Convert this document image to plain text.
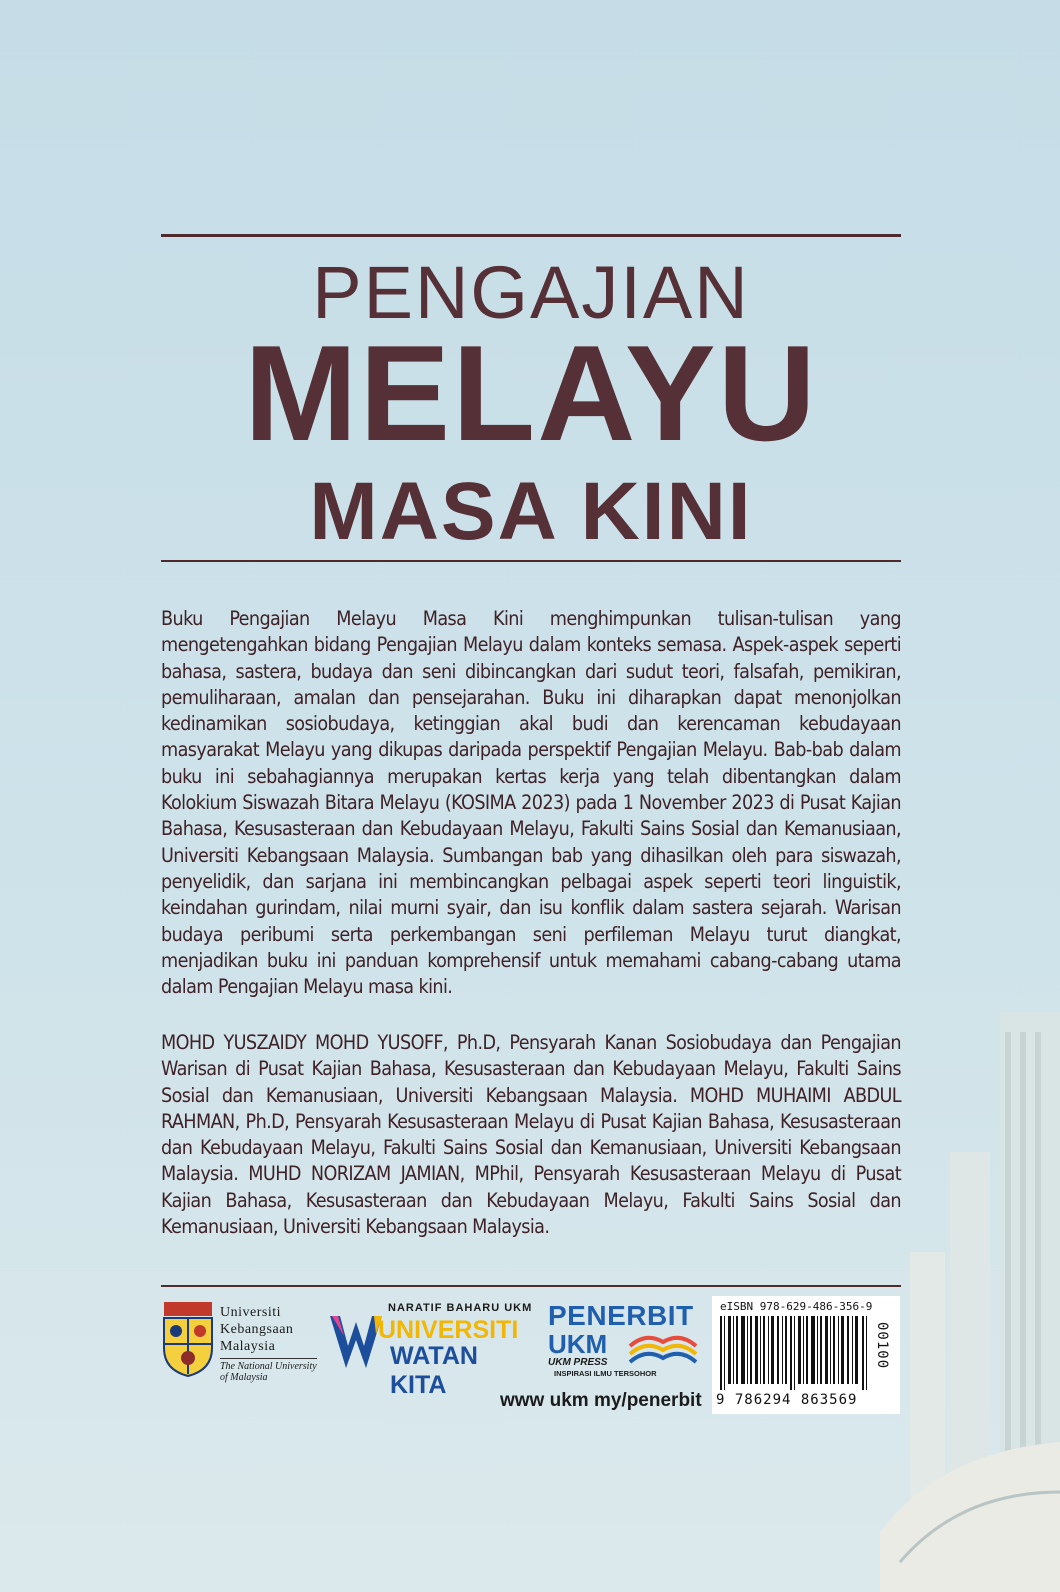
PENGAJIAN
MELAYU
MASA KINI
Buku Pengajian Melayu Masa Kini menghimpunkan tulisan-tulisan yang mengetengahkan bidang Pengajian Melayu dalam konteks semasa. Aspek-aspek seperti bahasa, sastera, budaya dan seni dibincangkan dari sudut teori, falsafah, pemikiran, pemuliharaan, amalan dan pensejarahan. Buku ini diharapkan dapat menonjolkan kedinamikan sosiobudaya, ketinggian akal budi dan kerencaman kebudayaan masyarakat Melayu yang dikupas daripada perspektif Pengajian Melayu. Bab-bab dalam buku ini sebahagiannya merupakan kertas kerja yang telah dibentangkan dalam Kolokium Siswazah Bitara Melayu (KOSIMA 2023) pada 1 November 2023 di Pusat Kajian Bahasa, Kesusasteraan dan Kebudayaan Melayu, Fakulti Sains Sosial dan Kemanusiaan, Universiti Kebangsaan Malaysia. Sumbangan bab yang dihasilkan oleh para siswazah, penyelidik, dan sarjana ini membincangkan pelbagai aspek seperti teori linguistik, keindahan gurindam, nilai murni syair, dan isu konflik dalam sastera sejarah. Warisan budaya peribumi serta perkembangan seni perfileman Melayu turut diangkat, menjadikan buku ini panduan komprehensif untuk memahami cabang-cabang utama dalam Pengajian Melayu masa kini.
MOHD YUSZAIDY MOHD YUSOFF, Ph.D, Pensyarah Kanan Sosiobudaya dan Pengajian Warisan di Pusat Kajian Bahasa, Kesusasteraan dan Kebudayaan Melayu, Fakulti Sains Sosial dan Kemanusiaan, Universiti Kebangsaan Malaysia. MOHD MUHAIMI ABDUL RAHMAN, Ph.D, Pensyarah Kesusasteraan Melayu di Pusat Kajian Bahasa, Kesusasteraan dan Kebudayaan Melayu, Fakulti Sains Sosial dan Kemanusiaan, Universiti Kebangsaan Malaysia. MUHD NORIZAM JAMIAN, MPhil, Pensyarah Kesusasteraan Melayu di Pusat Kajian Bahasa, Kesusasteraan dan Kebudayaan Melayu, Fakulti Sains Sosial dan Kemanusiaan, Universiti Kebangsaan Malaysia.
Universiti
Kebangsaan
Malaysia
The National University
of Malaysia
NARATIF BAHARU UKM
UNIVERSITI
WATAN KITA
PENERBIT
UKM
UKM PRESS
INSPIRASI ILMU TERSOHOR
www ukm my/penerbit
eISBN 978-629-486-356-9
9 786294 863569
00100
